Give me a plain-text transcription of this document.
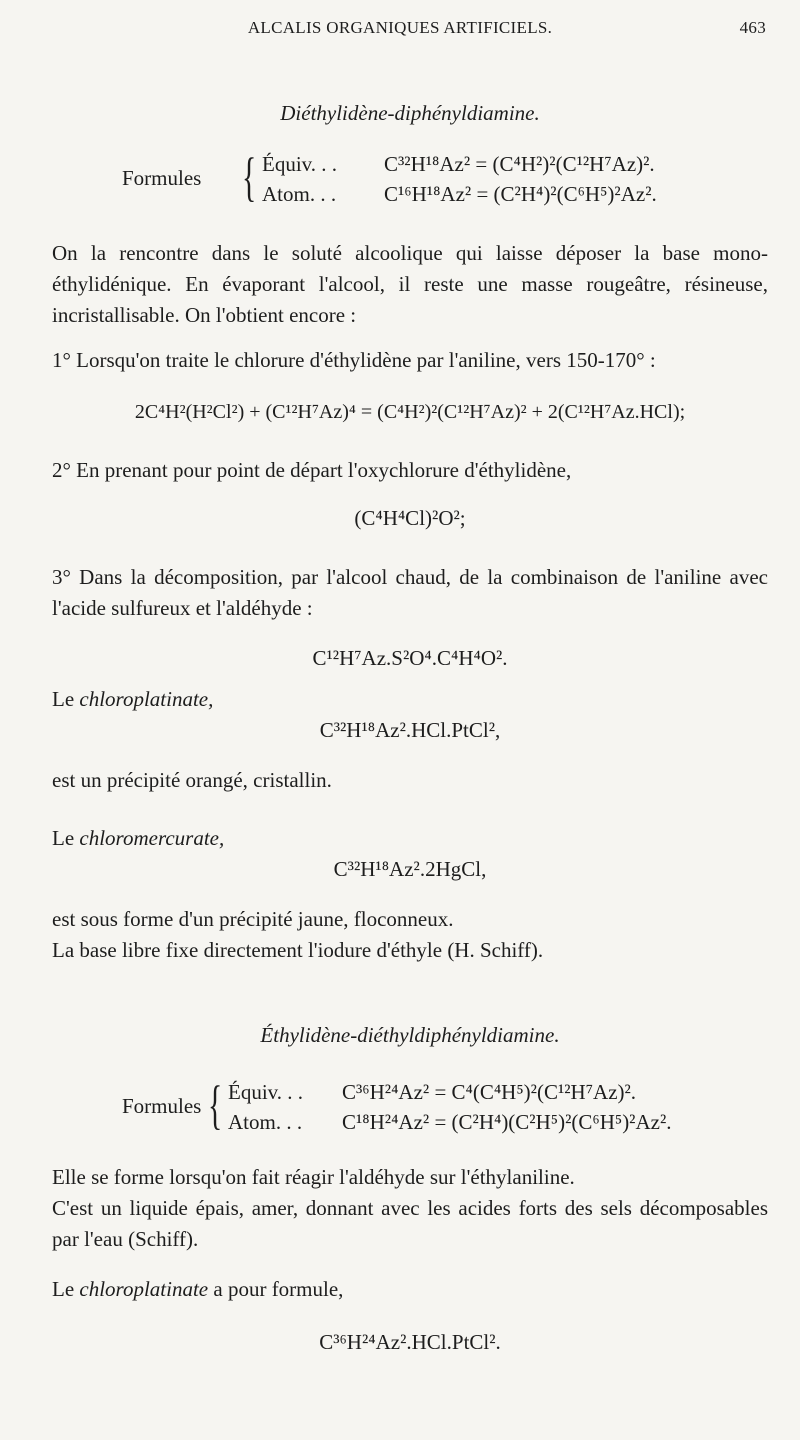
ALCALIS ORGANIQUES ARTIFICIELS.	463
Diéthylidène-diphényldiamine.
Formules { Équiv. . . C³²H¹⁸Az² = (C⁴H²)²(C¹²H⁷Az)².
Atom. . . C¹⁶H¹⁸Az² = (C²H⁴)²(C⁶H⁵)²Az².
On la rencontre dans le soluté alcoolique qui laisse déposer la base mono-éthylidénique. En évaporant l'alcool, il reste une masse rougeâtre, résineuse, incristallisable. On l'obtient encore :
1° Lorsqu'on traite le chlorure d'éthylidène par l'aniline, vers 150-170° :
2C⁴H²(H²Cl²) + (C¹²H⁷Az)⁴ = (C⁴H²)²(C¹²H⁷Az)² + 2(C¹²H⁷Az.HCl);
2° En prenant pour point de départ l'oxychlorure d'éthylidène,
(C⁴H⁴Cl)²O²;
3° Dans la décomposition, par l'alcool chaud, de la combinaison de l'aniline avec l'acide sulfureux et l'aldéhyde :
C¹²H⁷Az.S²O⁴.C⁴H⁴O².
Le chloroplatinate,
C³²H¹⁸Az².HCl.PtCl²,
est un précipité orangé, cristallin.
Le chloromercurate,
C³²H¹⁸Az².2HgCl,
est sous forme d'un précipité jaune, floconneux.
La base libre fixe directement l'iodure d'éthyle (H. Schiff).
Éthylidène-diéthyldiphényldiamine.
Formules { Équiv. . . C³⁶H²⁴Az² = C⁴(C⁴H⁵)²(C¹²H⁷Az)².
Atom. . . C¹⁸H²⁴Az² = (C²H⁴)(C²H⁵)²(C⁶H⁵)²Az².
Elle se forme lorsqu'on fait réagir l'aldéhyde sur l'éthylaniline.
C'est un liquide épais, amer, donnant avec les acides forts des sels décomposables par l'eau (Schiff).
Le chloroplatinate a pour formule,
C³⁶H²⁴Az².HCl.PtCl².
